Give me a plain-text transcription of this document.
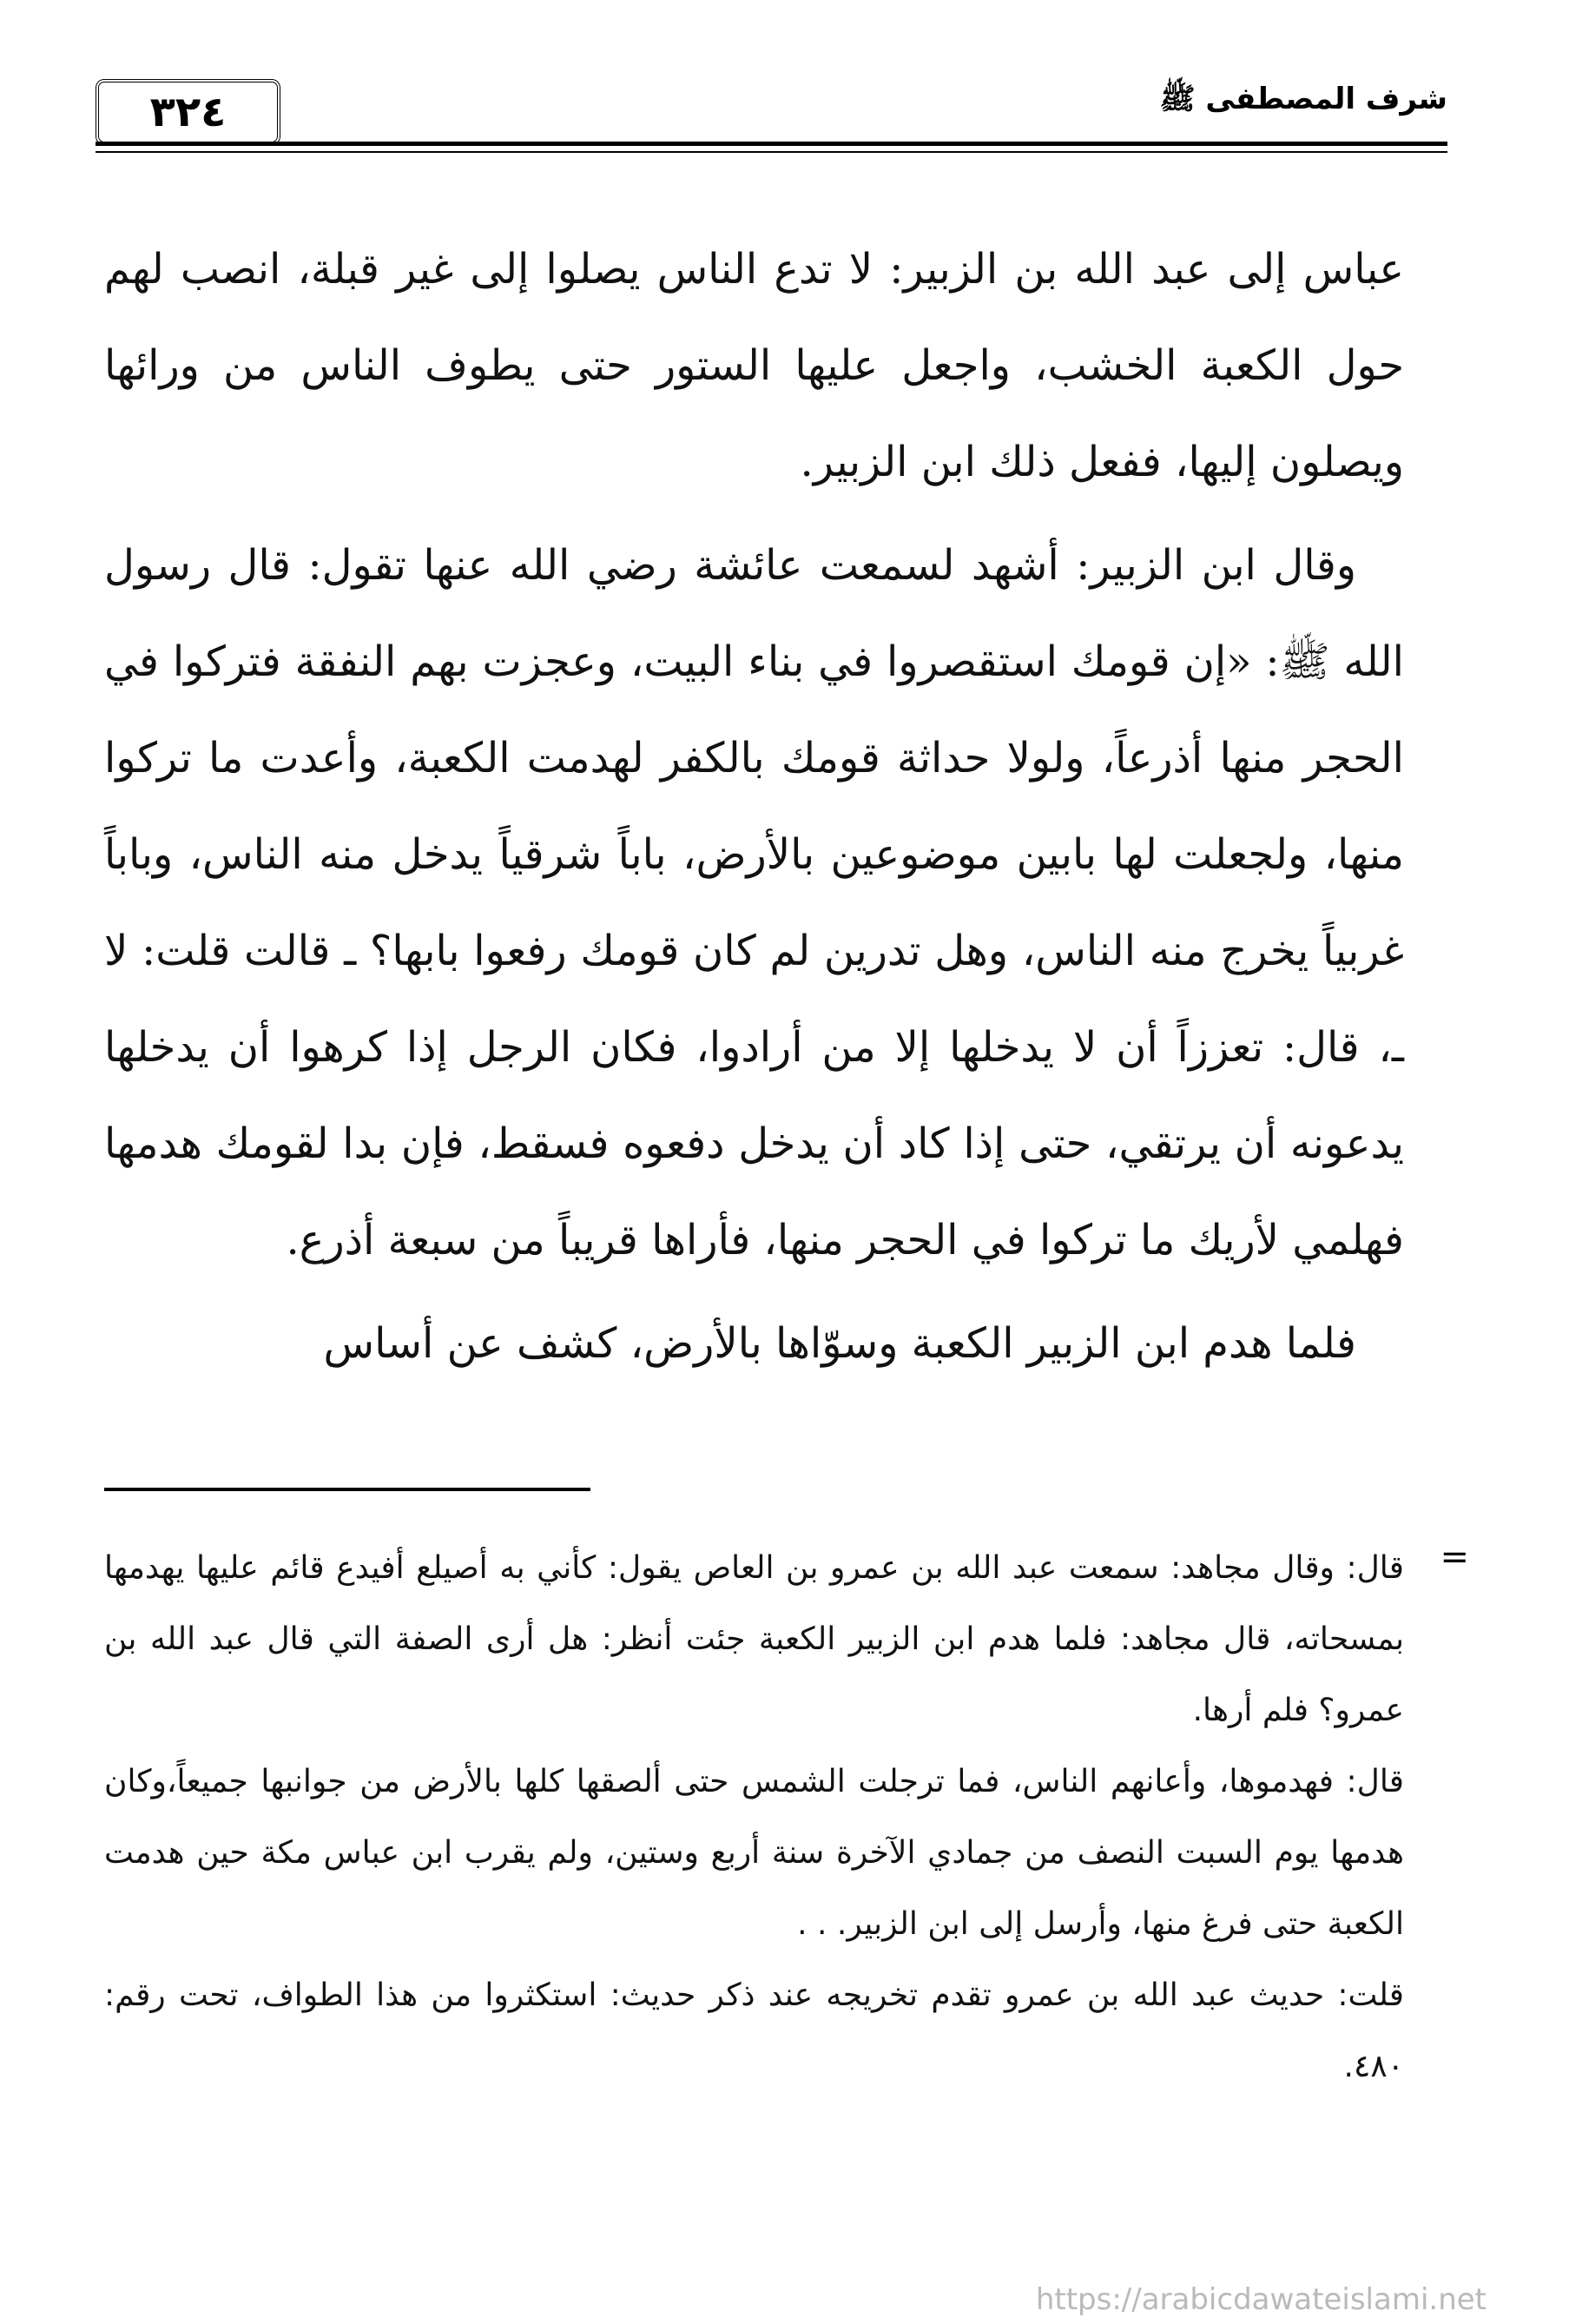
شرف المصطفى ﷺ
٣٢٤

عباس إلى عبد الله بن الزبير: لا تدع الناس يصلوا إلى غير قبلة، انصب لهم حول الكعبة الخشب، واجعل عليها الستور حتى يطوف الناس من ورائها ويصلون إليها، ففعل ذلك ابن الزبير.

وقال ابن الزبير: أشهد لسمعت عائشة رضي الله عنها تقول: قال رسول الله ﷺ: «إن قومك استقصروا في بناء البيت، وعجزت بهم النفقة فتركوا في الحجر منها أذرعاً، ولولا حداثة قومك بالكفر لهدمت الكعبة، وأعدت ما تركوا منها، ولجعلت لها بابين موضوعين بالأرض، باباً شرقياً يدخل منه الناس، وباباً غربياً يخرج منه الناس، وهل تدرين لم كان قومك رفعوا بابها؟ ـ قالت قلت: لا ـ، قال: تعززاً أن لا يدخلها إلا من أرادوا، فكان الرجل إذا كرهوا أن يدخلها يدعونه أن يرتقي، حتى إذا كاد أن يدخل دفعوه فسقط، فإن بدا لقومك هدمها فهلمي لأريك ما تركوا في الحجر منها، فأراها قريباً من سبعة أذرع.

فلما هدم ابن الزبير الكعبة وسوّاها بالأرض، كشف عن أساس

=

قال: وقال مجاهد: سمعت عبد الله بن عمرو بن العاص يقول: كأني به أصيلع أفيدع قائم عليها يهدمها بمسحاته، قال مجاهد: فلما هدم ابن الزبير الكعبة جئت أنظر: هل أرى الصفة التي قال عبد الله بن عمرو؟ فلم أرها.

قال: فهدموها، وأعانهم الناس، فما ترجلت الشمس حتى ألصقها كلها بالأرض من جوانبها جميعاً،وكان هدمها يوم السبت النصف من جمادي الآخرة سنة أربع وستين، ولم يقرب ابن عباس مكة حين هدمت الكعبة حتى فرغ منها، وأرسل إلى ابن الزبير. . .

قلت: حديث عبد الله بن عمرو تقدم تخريجه عند ذكر حديث: استكثروا من هذا الطواف، تحت رقم: ٤٨٠.

https://arabicdawateislami.net
